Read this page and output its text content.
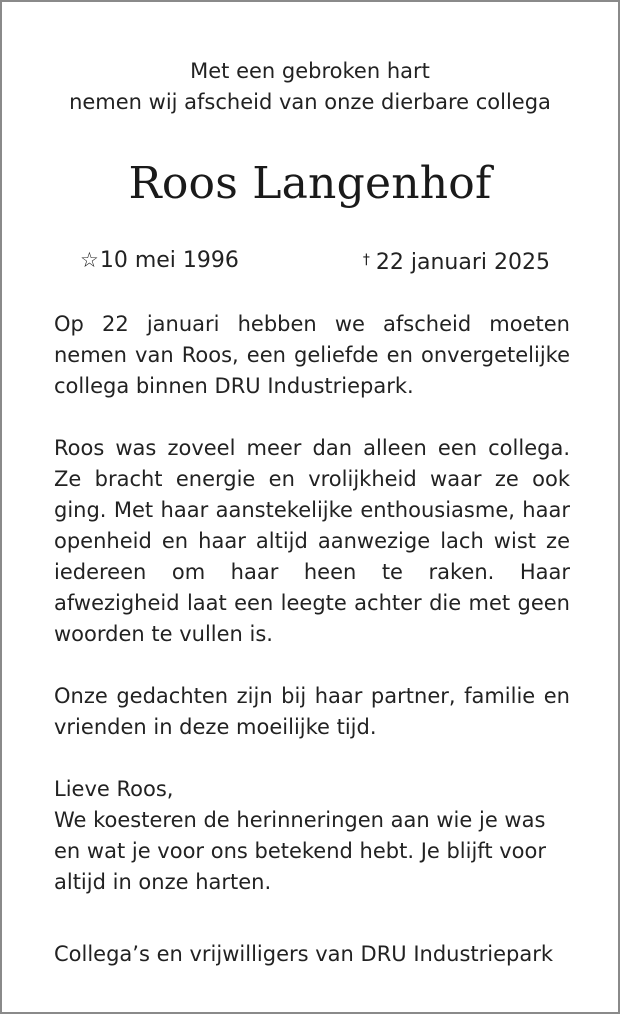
Met een gebroken hart
nemen wij afscheid van onze dierbare collega
Roos Langenhof
☆10 mei 1996	† 22 januari 2025

Op 22 januari hebben we afscheid moeten nemen van Roos, een geliefde en onvergetelijke collega binnen DRU Industriepark.

Roos was zoveel meer dan alleen een collega. Ze bracht energie en vrolijkheid waar ze ook ging. Met haar aanstekelijke enthousiasme, haar openheid en haar altijd aanwezige lach wist ze iedereen om haar heen te raken. Haar afwezigheid laat een leegte achter die met geen woorden te vullen is.

Onze gedachten zijn bij haar partner, familie en vrienden in deze moeilijke tijd.

Lieve Roos,
We koesteren de herinneringen aan wie je was en wat je voor ons betekend hebt. Je blijft voor altijd in onze harten.

Collega’s en vrijwilligers van DRU Industriepark
